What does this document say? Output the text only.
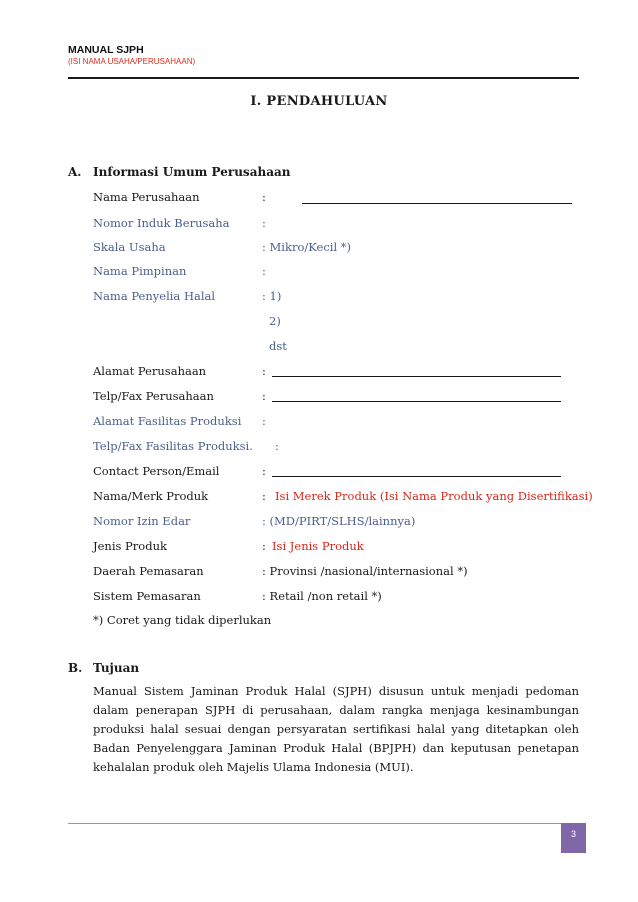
MANUAL SJPH
(ISI NAMA USAHA/PERUSAHAAN)
I. PENDAHULUAN
A. Informasi Umum Perusahaan
Nama Perusahaan	:
Nomor Induk Berusaha	:
Skala Usaha	: Mikro/Kecil *)
Nama Pimpinan	:
Nama Penyelia Halal	: 1)
2)
dst
Alamat Perusahaan	:
Telp/Fax Perusahaan	:
Alamat Fasilitas Produksi :
Telp/Fax Fasilitas Produksi. :
Contact Person/Email	:
Nama/Merk Produk	: Isi Merek Produk (Isi Nama Produk yang Disertifikasi)
Nomor Izin Edar	: (MD/PIRT/SLHS/lainnya)
Jenis Produk	: Isi Jenis Produk
Daerah Pemasaran	: Provinsi /nasional/internasional *)
Sistem Pemasaran	: Retail /non retail *)
*) Coret yang tidak diperlukan
B. Tujuan
Manual Sistem Jaminan Produk Halal (SJPH) disusun untuk menjadi pedoman dalam penerapan SJPH di perusahaan, dalam rangka menjaga kesinambungan produksi halal sesuai dengan persyaratan sertifikasi halal yang ditetapkan oleh Badan Penyelenggara Jaminan Produk Halal (BPJPH) dan keputusan penetapan kehalalan produk oleh Majelis Ulama Indonesia (MUI).
3
